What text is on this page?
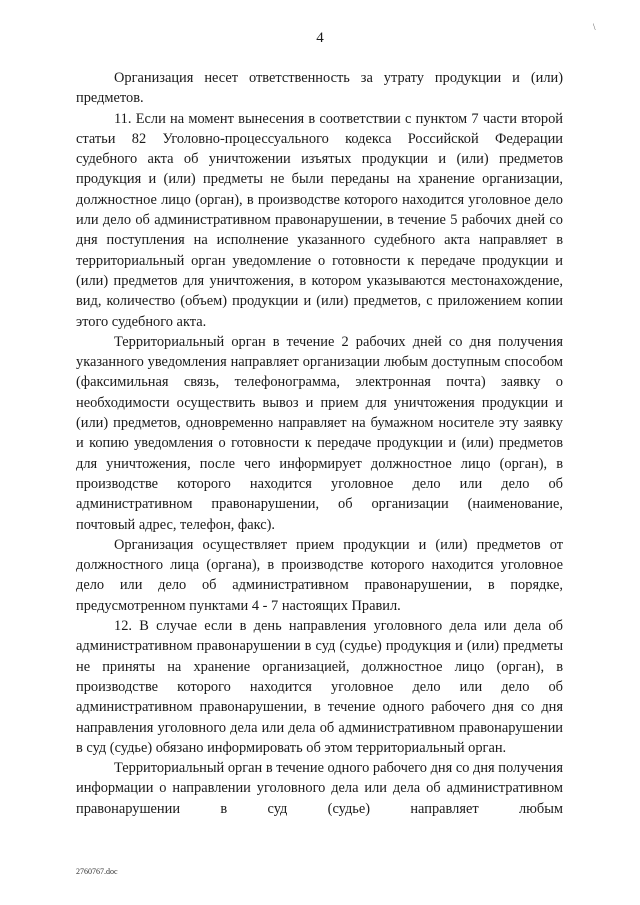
4
\

Организация несет ответственность за утрату продукции и (или) предметов.

11. Если на момент вынесения в соответствии с пунктом 7 части второй статьи 82 Уголовно-процессуального кодекса Российской Федерации судебного акта об уничтожении изъятых продукции и (или) предметов продукция и (или) предметы не были переданы на хранение организации, должностное лицо (орган), в производстве которого находится уголовное дело или дело об административном правонарушении, в течение 5 рабочих дней со дня поступления на исполнение указанного судебного акта направляет в территориальный орган уведомление о готовности к передаче продукции и (или) предметов для уничтожения, в котором указываются местонахождение, вид, количество (объем) продукции и (или) предметов, с приложением копии этого судебного акта.

Территориальный орган в течение 2 рабочих дней со дня получения указанного уведомления направляет организации любым доступным способом (факсимильная связь, телефонограмма, электронная почта) заявку о необходимости осуществить вывоз и прием для уничтожения продукции и (или) предметов, одновременно направляет на бумажном носителе эту заявку и копию уведомления о готовности к передаче продукции и (или) предметов для уничтожения, после чего информирует должностное лицо (орган), в производстве которого находится уголовное дело или дело об административном правонарушении, об организации (наименование, почтовый адрес, телефон, факс).

Организация осуществляет прием продукции и (или) предметов от должностного лица (органа), в производстве которого находится уголовное дело или дело об административном правонарушении, в порядке, предусмотренном пунктами 4 - 7 настоящих Правил.

12. В случае если в день направления уголовного дела или дела об административном правонарушении в суд (судье) продукция и (или) предметы не приняты на хранение организацией, должностное лицо (орган), в производстве которого находится уголовное дело или дело об административном правонарушении, в течение одного рабочего дня со дня направления уголовного дела или дела об административном правонарушении в суд (судье) обязано информировать об этом территориальный орган.

Территориальный орган в течение одного рабочего дня со дня получения информации о направлении уголовного дела или дела об административном правонарушении в суд (судье) направляет любым

2760767.doc
